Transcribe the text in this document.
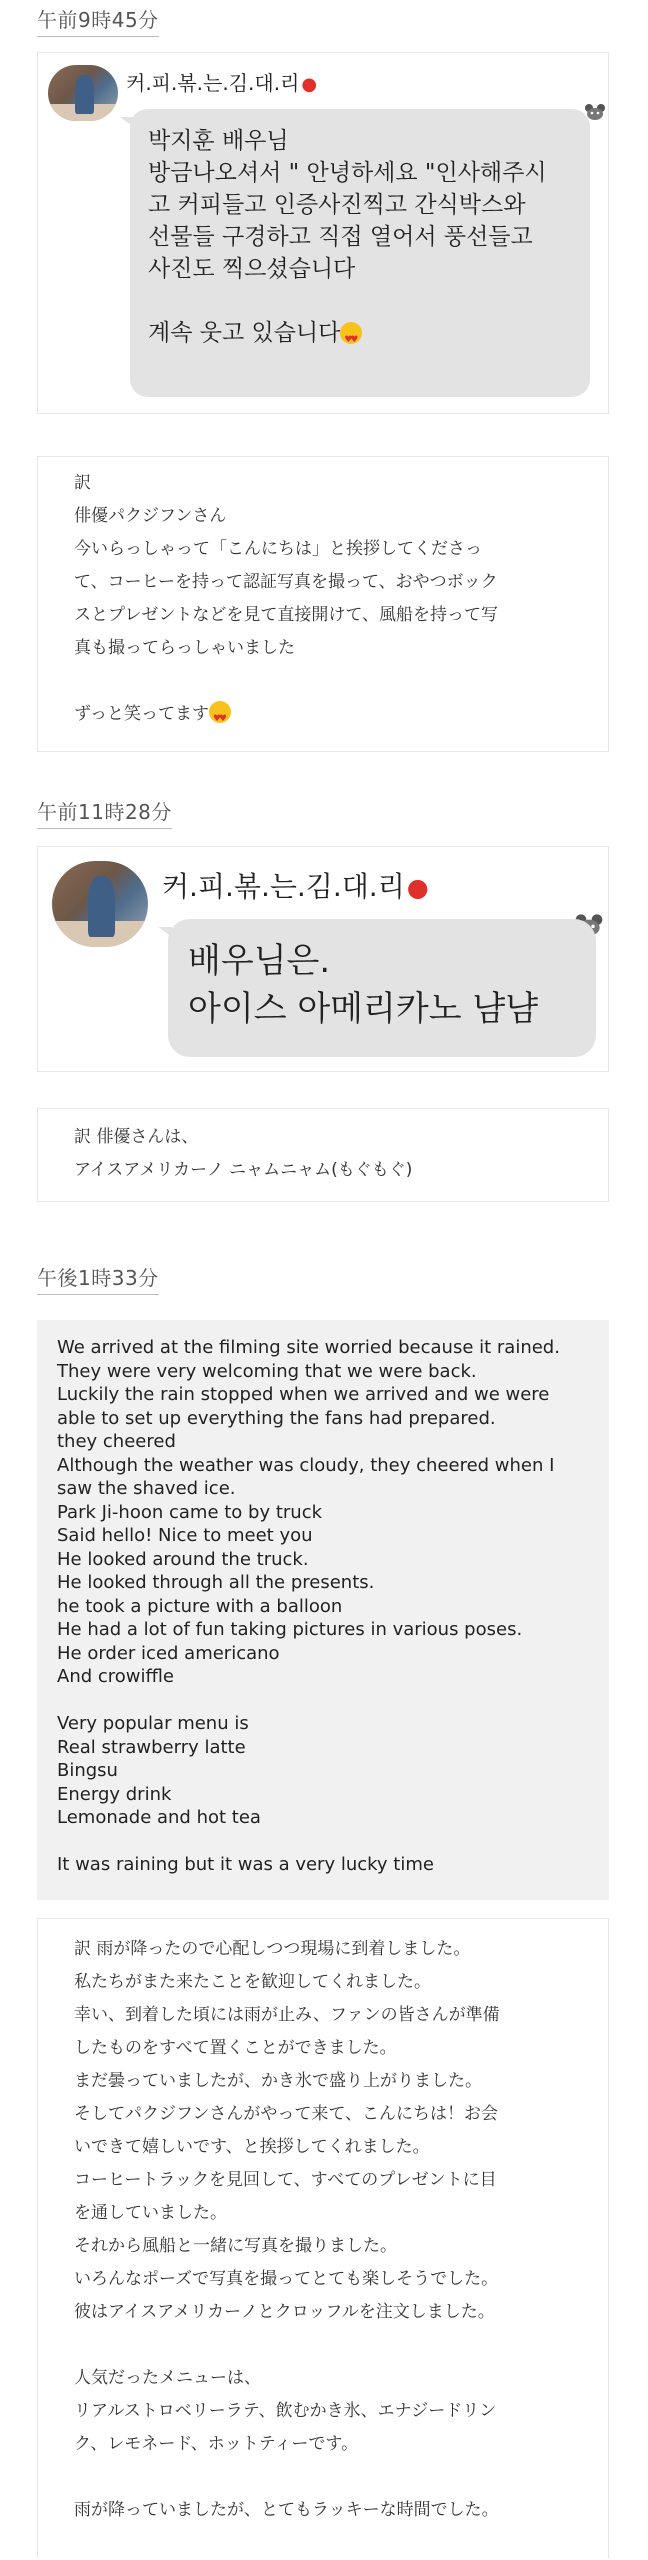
午前9時45分
커.피.볶.는.김.대.리 ●

박지훈 배우님
방금나오셔서 " 안녕하세요 "인사해주시
고 커피들고 인증사진찍고 간식박스와
선물들 구경하고 직접 열어서 풍선들고
사진도 찍으셨습니다

계속 웃고 있습니다♥  ♥

訳
俳優パクジフンさん
今いらっしゃって「こんにちは」と挨拶してくださっ
て、コーヒーを持って認証写真を撮って、おやつボック
スとプレゼントなどを見て直接開けて、風船を持って写
真も撮ってらっしゃいました

ずっと笑ってます♥  ♥
午前11時28分
커.피.볶.는.김.대.리●

배우님은.
아이스 아메리카노 냠냠

訳 俳優さんは、
アイスアメリカーノ ニャムニャム(もぐもぐ)
午後1時33分
We arrived at the filming site worried because it rained.
They were very welcoming that we were back.
Luckily the rain stopped when we arrived and we were
able to set up everything the fans had prepared.
they cheered
Although the weather was cloudy, they cheered when I
saw the shaved ice.
Park Ji-hoon came to by truck
Said hello! Nice to meet you
He looked around the truck.
He looked through all the presents.
he took a picture with a balloon
He had a lot of fun taking pictures in various poses.
He order iced americano
And crowiffle

Very popular menu is
Real strawberry latte
Bingsu
Energy drink
Lemonade and hot tea

It was raining but it was a very lucky time
訳 雨が降ったので心配しつつ現場に到着しました。
私たちがまた来たことを歓迎してくれました。
幸い、到着した頃には雨が止み、ファンの皆さんが準備
したものをすべて置くことができました。
まだ曇っていましたが、かき氷で盛り上がりました。
そしてパクジフンさんがやって来て、こんにちは！お会
いできて嬉しいです、と挨拶してくれました。
コーヒートラックを見回して、すべてのプレゼントに目
を通していました。
それから風船と一緒に写真を撮りました。
いろんなポーズで写真を撮ってとても楽しそうでした。
彼はアイスアメリカーノとクロッフルを注文しました。

人気だったメニューは、
リアルストロベリーラテ、飲むかき氷、エナジードリン
ク、レモネード、ホットティーです。

雨が降っていましたが、とてもラッキーな時間でした。
